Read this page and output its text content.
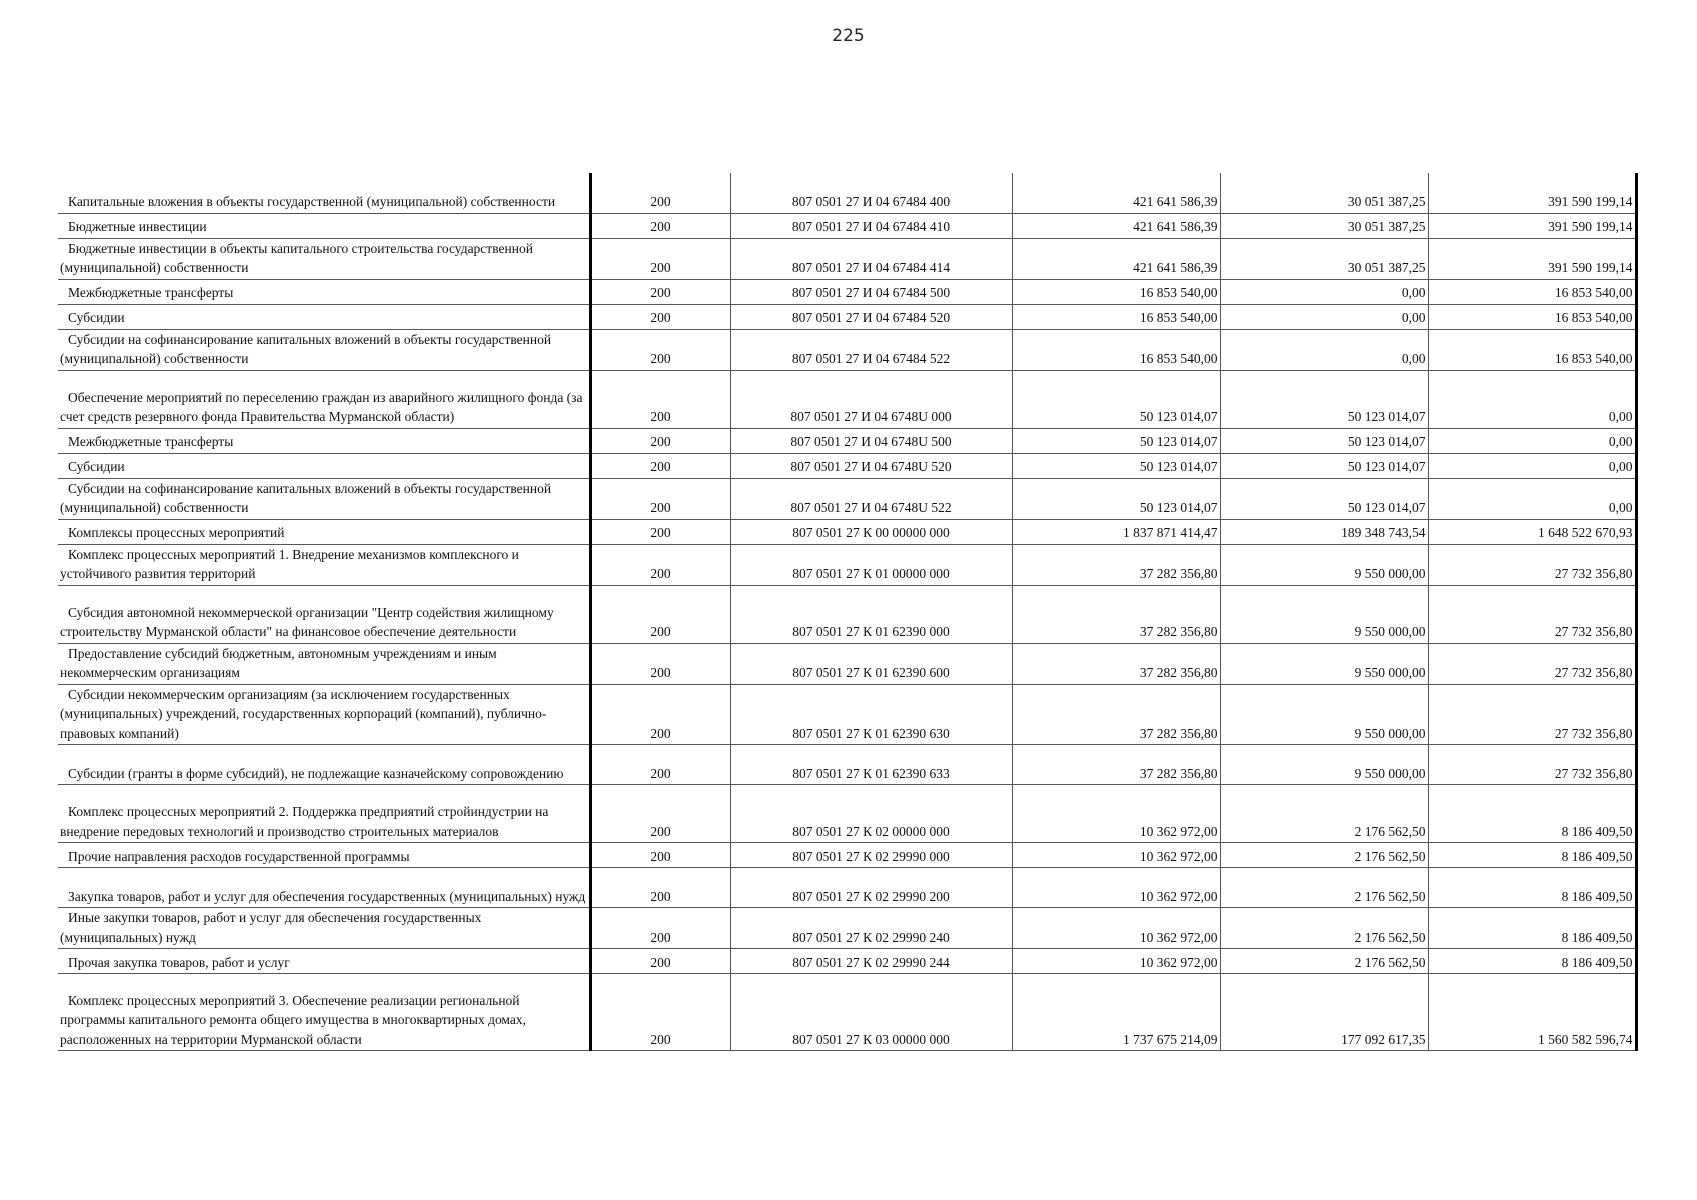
225
Капитальные вложения в объекты государственной (муниципальной) собственности	200	807 0501 27 И 04 67484 400	421 641 586,39	30 051 387,25	391 590 199,14

Бюджетные инвестиции	200	807 0501 27 И 04 67484 410	421 641 586,39	30 051 387,25	391 590 199,14

Бюджетные инвестиции в объекты капитального строительства государственной (муниципальной) собственности	200	807 0501 27 И 04 67484 414	421 641 586,39	30 051 387,25	391 590 199,14

Межбюджетные трансферты	200	807 0501 27 И 04 67484 500	16 853 540,00	0,00	16 853 540,00

Субсидии	200	807 0501 27 И 04 67484 520	16 853 540,00	0,00	16 853 540,00

Субсидии на софинансирование капитальных вложений в объекты государственной (муниципальной) собственности	200	807 0501 27 И 04 67484 522	16 853 540,00	0,00	16 853 540,00

Обеспечение мероприятий по переселению граждан из аварийного жилищного фонда (за счет средств резервного фонда Правительства Мурманской области)	200	807 0501 27 И 04 6748U 000	50 123 014,07	50 123 014,07	0,00

Межбюджетные трансферты	200	807 0501 27 И 04 6748U 500	50 123 014,07	50 123 014,07	0,00

Субсидии	200	807 0501 27 И 04 6748U 520	50 123 014,07	50 123 014,07	0,00

Субсидии на софинансирование капитальных вложений в объекты государственной (муниципальной) собственности	200	807 0501 27 И 04 6748U 522	50 123 014,07	50 123 014,07	0,00

Комплексы процессных мероприятий	200	807 0501 27 К 00 00000 000	1 837 871 414,47	189 348 743,54	1 648 522 670,93

Комплекс процессных мероприятий 1. Внедрение механизмов комплексного и устойчивого развития территорий	200	807 0501 27 К 01 00000 000	37 282 356,80	9 550 000,00	27 732 356,80

Субсидия автономной некоммерческой организации "Центр содействия жилищному строительству Мурманской области" на финансовое обеспечение деятельности	200	807 0501 27 К 01 62390 000	37 282 356,80	9 550 000,00	27 732 356,80

Предоставление субсидий бюджетным, автономным учреждениям и иным некоммерческим организациям	200	807 0501 27 К 01 62390 600	37 282 356,80	9 550 000,00	27 732 356,80

Субсидии некоммерческим организациям (за исключением государственных (муниципальных) учреждений, государственных корпораций (компаний), публично-правовых компаний)	200	807 0501 27 К 01 62390 630	37 282 356,80	9 550 000,00	27 732 356,80

Субсидии (гранты в форме субсидий), не подлежащие казначейскому сопровождению	200	807 0501 27 К 01 62390 633	37 282 356,80	9 550 000,00	27 732 356,80

Комплекс процессных мероприятий 2. Поддержка предприятий стройиндустрии на внедрение передовых технологий и производство строительных материалов	200	807 0501 27 К 02 00000 000	10 362 972,00	2 176 562,50	8 186 409,50

Прочие направления расходов государственной программы	200	807 0501 27 К 02 29990 000	10 362 972,00	2 176 562,50	8 186 409,50

Закупка товаров, работ и услуг для обеспечения государственных (муниципальных) нужд	200	807 0501 27 К 02 29990 200	10 362 972,00	2 176 562,50	8 186 409,50

Иные закупки товаров, работ и услуг для обеспечения государственных (муниципальных) нужд	200	807 0501 27 К 02 29990 240	10 362 972,00	2 176 562,50	8 186 409,50

Прочая закупка товаров, работ и услуг	200	807 0501 27 К 02 29990 244	10 362 972,00	2 176 562,50	8 186 409,50

Комплекс процессных мероприятий 3. Обеспечение реализации региональной программы капитального ремонта общего имущества в многоквартирных домах, расположенных на территории Мурманской области	200	807 0501 27 К 03 00000 000	1 737 675 214,09	177 092 617,35	1 560 582 596,74
